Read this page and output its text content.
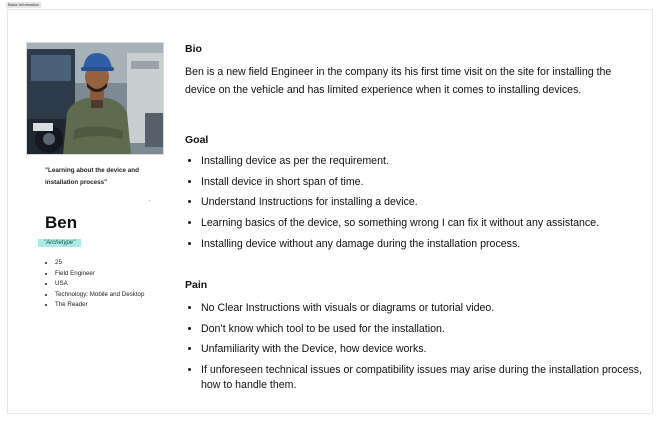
Basic Information

"Learning about the device and installation process"

Ben
"Archetype"
• 25
• Field Engineer
• USA
• Technology: Mobile and Desktop
• The Reader
Bio

Ben is a new field Engineer in the company its his first time visit on the site for installing the device on the vehicle and has limited experience when it comes to installing devices.

Goal
• Installing device as per the requirement.
• Install device in short span of time.
• Understand Instructions for installing a device.
• Learning basics of the device, so something wrong I can fix it without any assistance.
• Installing device without any damage during the installation process.
Pain
• No Clear Instructions with visuals or diagrams or tutorial video.
• Don’t know which tool to be used for the installation.
• Unfamiliarity with the Device, how device works.
• If unforeseen technical issues or compatibility issues may arise during the installation process, how to handle them.
